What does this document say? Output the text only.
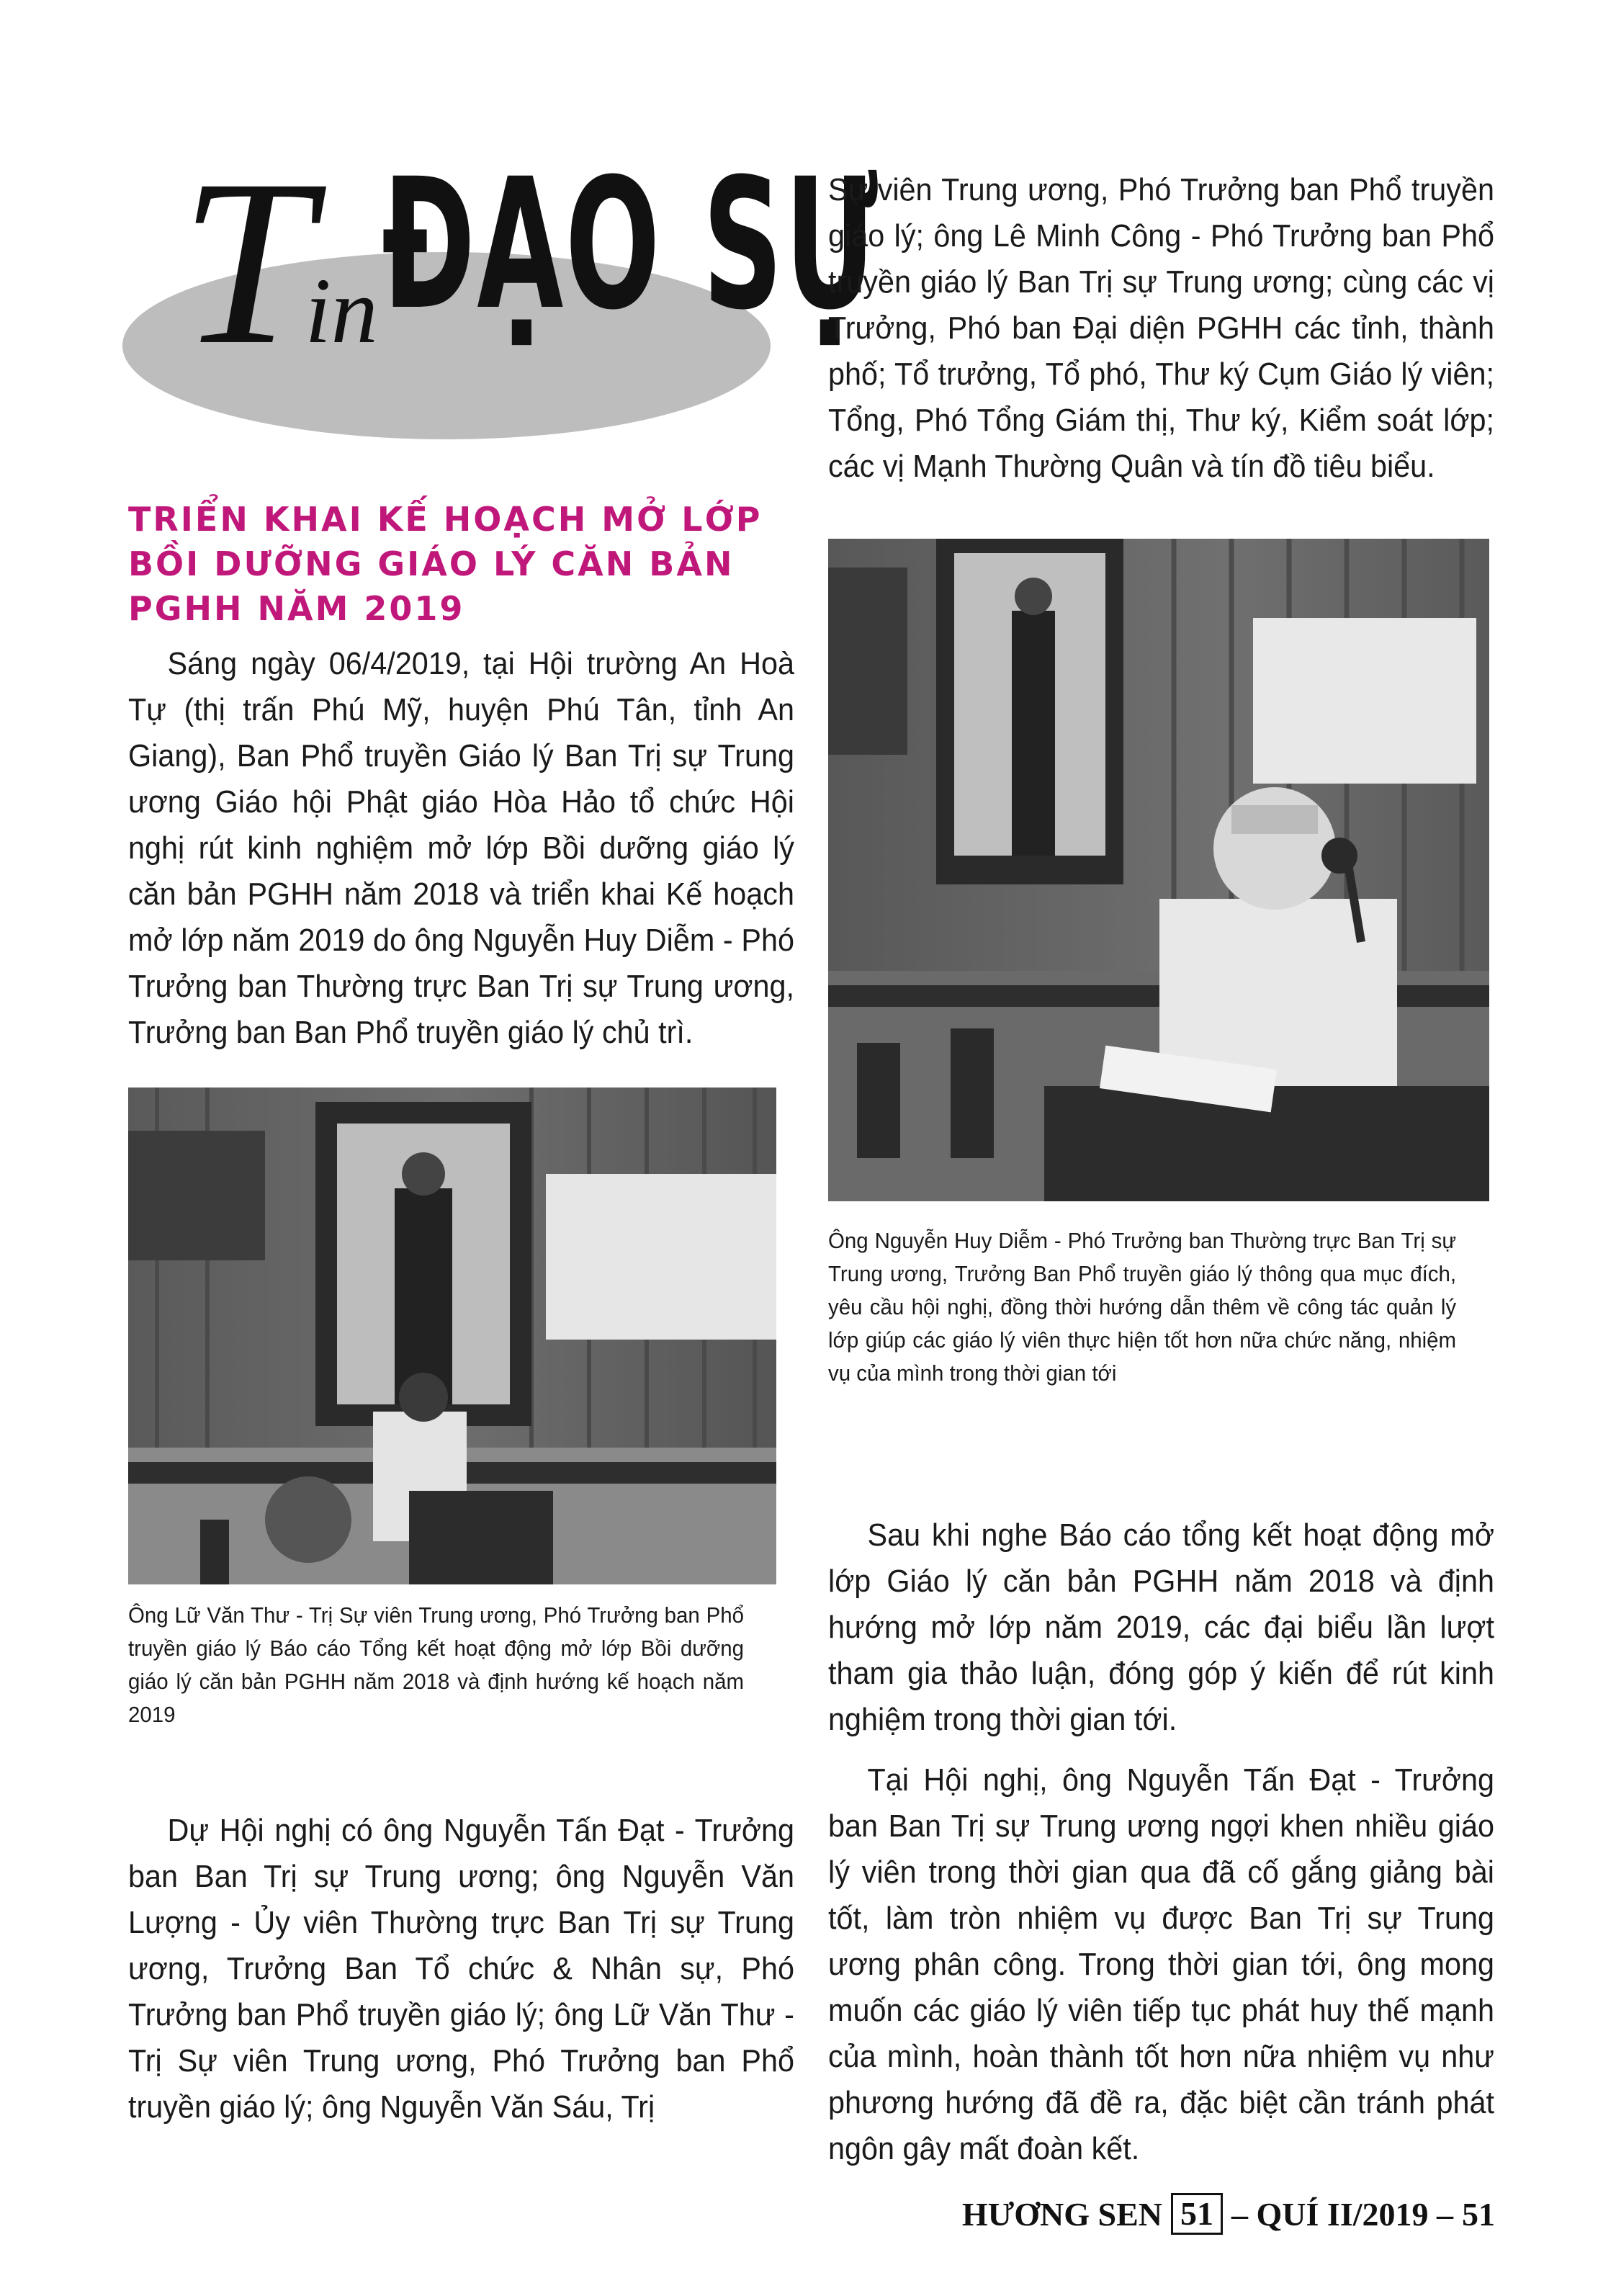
Tin ĐẠO SỰ
TRIỂN KHAI KẾ HOẠCH MỞ LỚP BỒI DƯỠNG GIÁO LÝ CĂN BẢN PGHH NĂM 2019

Sáng ngày 06/4/2019, tại Hội trường An Hoà Tự (thị trấn Phú Mỹ, huyện Phú Tân, tỉnh An Giang), Ban Phổ truyền Giáo lý Ban Trị sự Trung ương Giáo hội Phật giáo Hòa Hảo tổ chức Hội nghị rút kinh nghiệm mở lớp Bồi dưỡng giáo lý căn bản PGHH năm 2018 và triển khai Kế hoạch mở lớp năm 2019 do ông Nguyễn Huy Diễm - Phó Trưởng ban Thường trực Ban Trị sự Trung ương, Trưởng ban Ban Phổ truyền giáo lý chủ trì.

Ông Lữ Văn Thư - Trị Sự viên Trung ương, Phó Trưởng ban Phổ truyền giáo lý Báo cáo Tổng kết hoạt động mở lớp Bồi dưỡng giáo lý căn bản PGHH năm 2018 và định hướng kế hoạch năm 2019

Dự Hội nghị có ông Nguyễn Tấn Đạt - Trưởng ban Ban Trị sự Trung ương; ông Nguyễn Văn Lượng - Ủy viên Thường trực Ban Trị sự Trung ương, Trưởng Ban Tổ chức & Nhân sự, Phó Trưởng ban Phổ truyền giáo lý; ông Lữ Văn Thư - Trị Sự viên Trung ương, Phó Trưởng ban Phổ truyền giáo lý; ông Nguyễn Văn Sáu, Trị

Sự viên Trung ương, Phó Trưởng ban Phổ truyền giáo lý; ông Lê Minh Công - Phó Trưởng ban Phổ truyền giáo lý Ban Trị sự Trung ương; cùng các vị Trưởng, Phó ban Đại diện PGHH các tỉnh, thành phố; Tổ trưởng, Tổ phó, Thư ký Cụm Giáo lý viên; Tổng, Phó Tổng Giám thị, Thư ký, Kiểm soát lớp; các vị Mạnh Thường Quân và tín đồ tiêu biểu.

Ông Nguyễn Huy Diễm - Phó Trưởng ban Thường trực Ban Trị sự Trung ương, Trưởng Ban Phổ truyền giáo lý thông qua mục đích, yêu cầu hội nghị, đồng thời hướng dẫn thêm về công tác quản lý lớp giúp các giáo lý viên thực hiện tốt hơn nữa chức năng, nhiệm vụ của mình trong thời gian tới

Sau khi nghe Báo cáo tổng kết hoạt động mở lớp Giáo lý căn bản PGHH năm 2018 và định hướng mở lớp năm 2019, các đại biểu lần lượt tham gia thảo luận, đóng góp ý kiến để rút kinh nghiệm trong thời gian tới.

Tại Hội nghị, ông Nguyễn Tấn Đạt - Trưởng ban Ban Trị sự Trung ương ngợi khen nhiều giáo lý viên trong thời gian qua đã cố gắng giảng bài tốt, làm tròn nhiệm vụ được Ban Trị sự Trung ương phân công. Trong thời gian tới, ông mong muốn các giáo lý viên tiếp tục phát huy thế mạnh của mình, hoàn thành tốt hơn nữa nhiệm vụ như phương hướng đã đề ra, đặc biệt cần tránh phát ngôn gây mất đoàn kết.

HƯƠNG SEN 51 – QUÍ II/2019 – 51
